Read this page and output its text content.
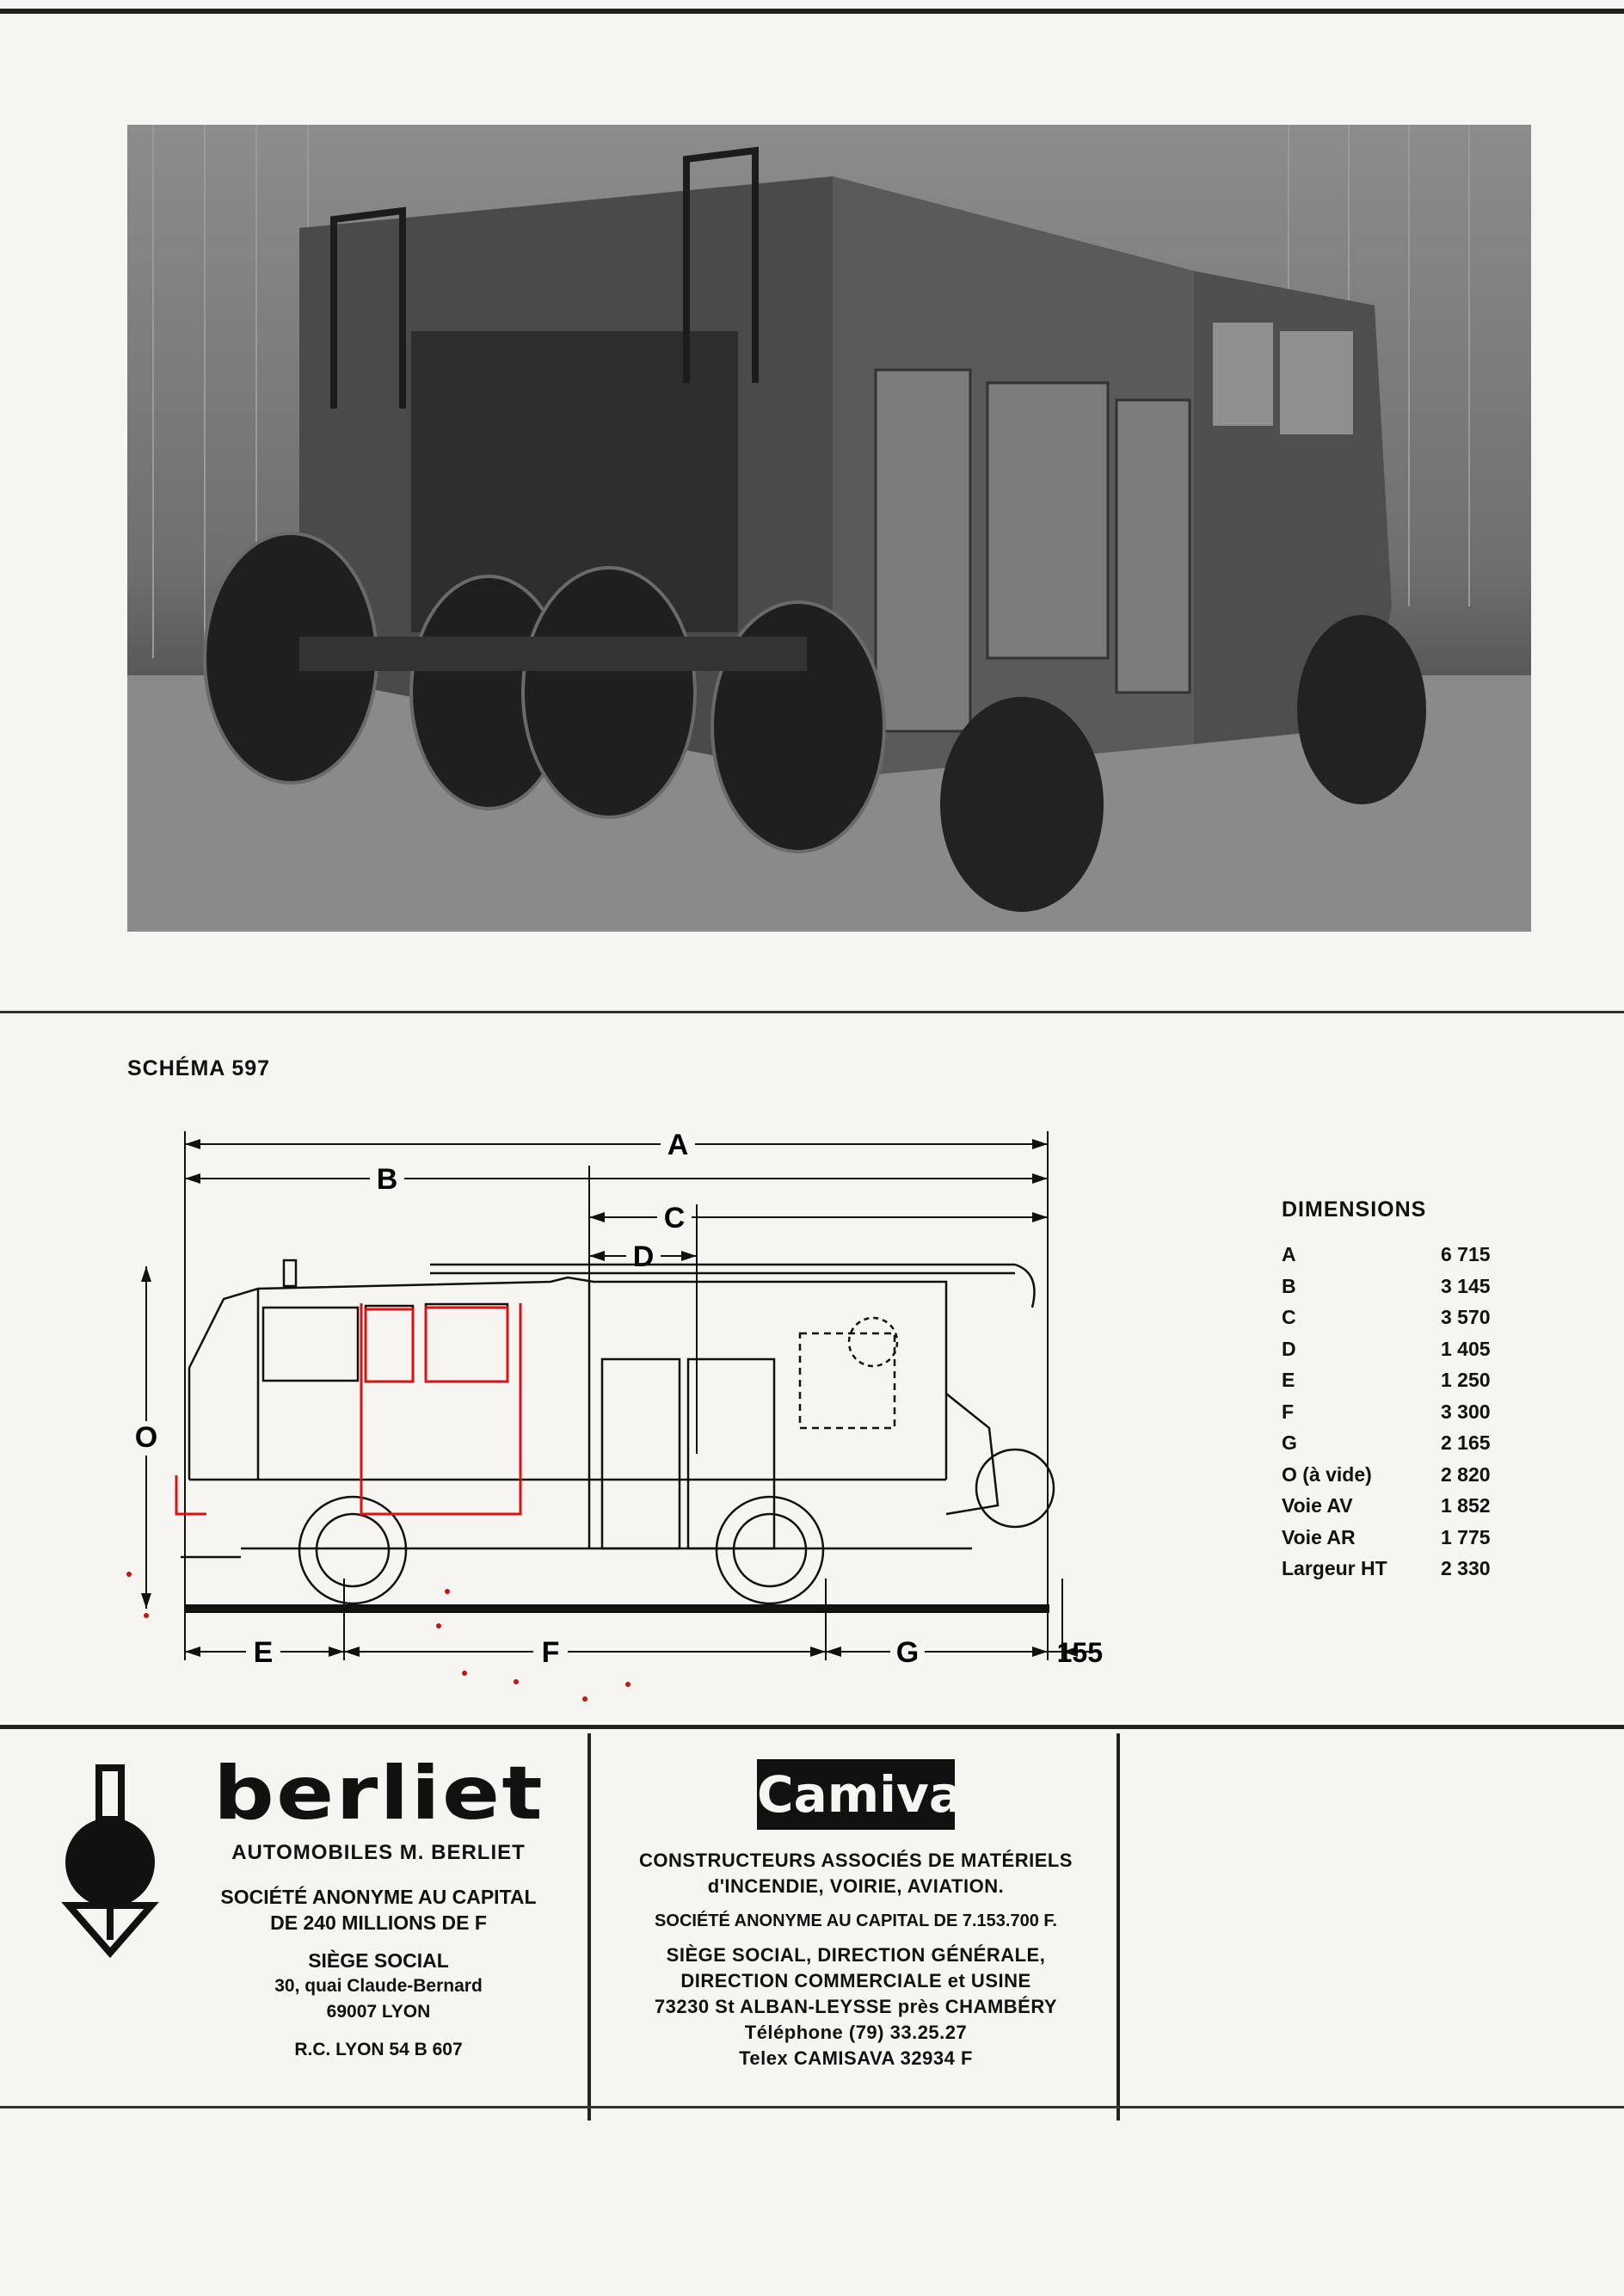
SCHÉMA 597
A
B
C
D
O
E	F	G	155
DIMENSIONS
A	6 715
B	3 145
C	3 570
D	1 405
E	1 250
F	3 300
G	2 165
O (à vide)	2 820
Voie AV	1 852
Voie AR	1 775
Largeur HT	2 330
berliet
AUTOMOBILES M. BERLIET
SOCIÉTÉ ANONYME AU CAPITAL
DE 240 MILLIONS DE F
SIÈGE SOCIAL
30, quai Claude-Bernard
69007 LYON
R.C. LYON 54 B 607
Camiva
CONSTRUCTEURS ASSOCIÉS DE MATÉRIELS
d'INCENDIE, VOIRIE, AVIATION.
SOCIÉTÉ ANONYME AU CAPITAL DE 7.153.700 F.
SIÈGE SOCIAL, DIRECTION GÉNÉRALE,
DIRECTION COMMERCIALE et USINE
73230 St ALBAN-LEYSSE près CHAMBÉRY
Téléphone (79) 33.25.27
Telex CAMISAVA 32934 F
